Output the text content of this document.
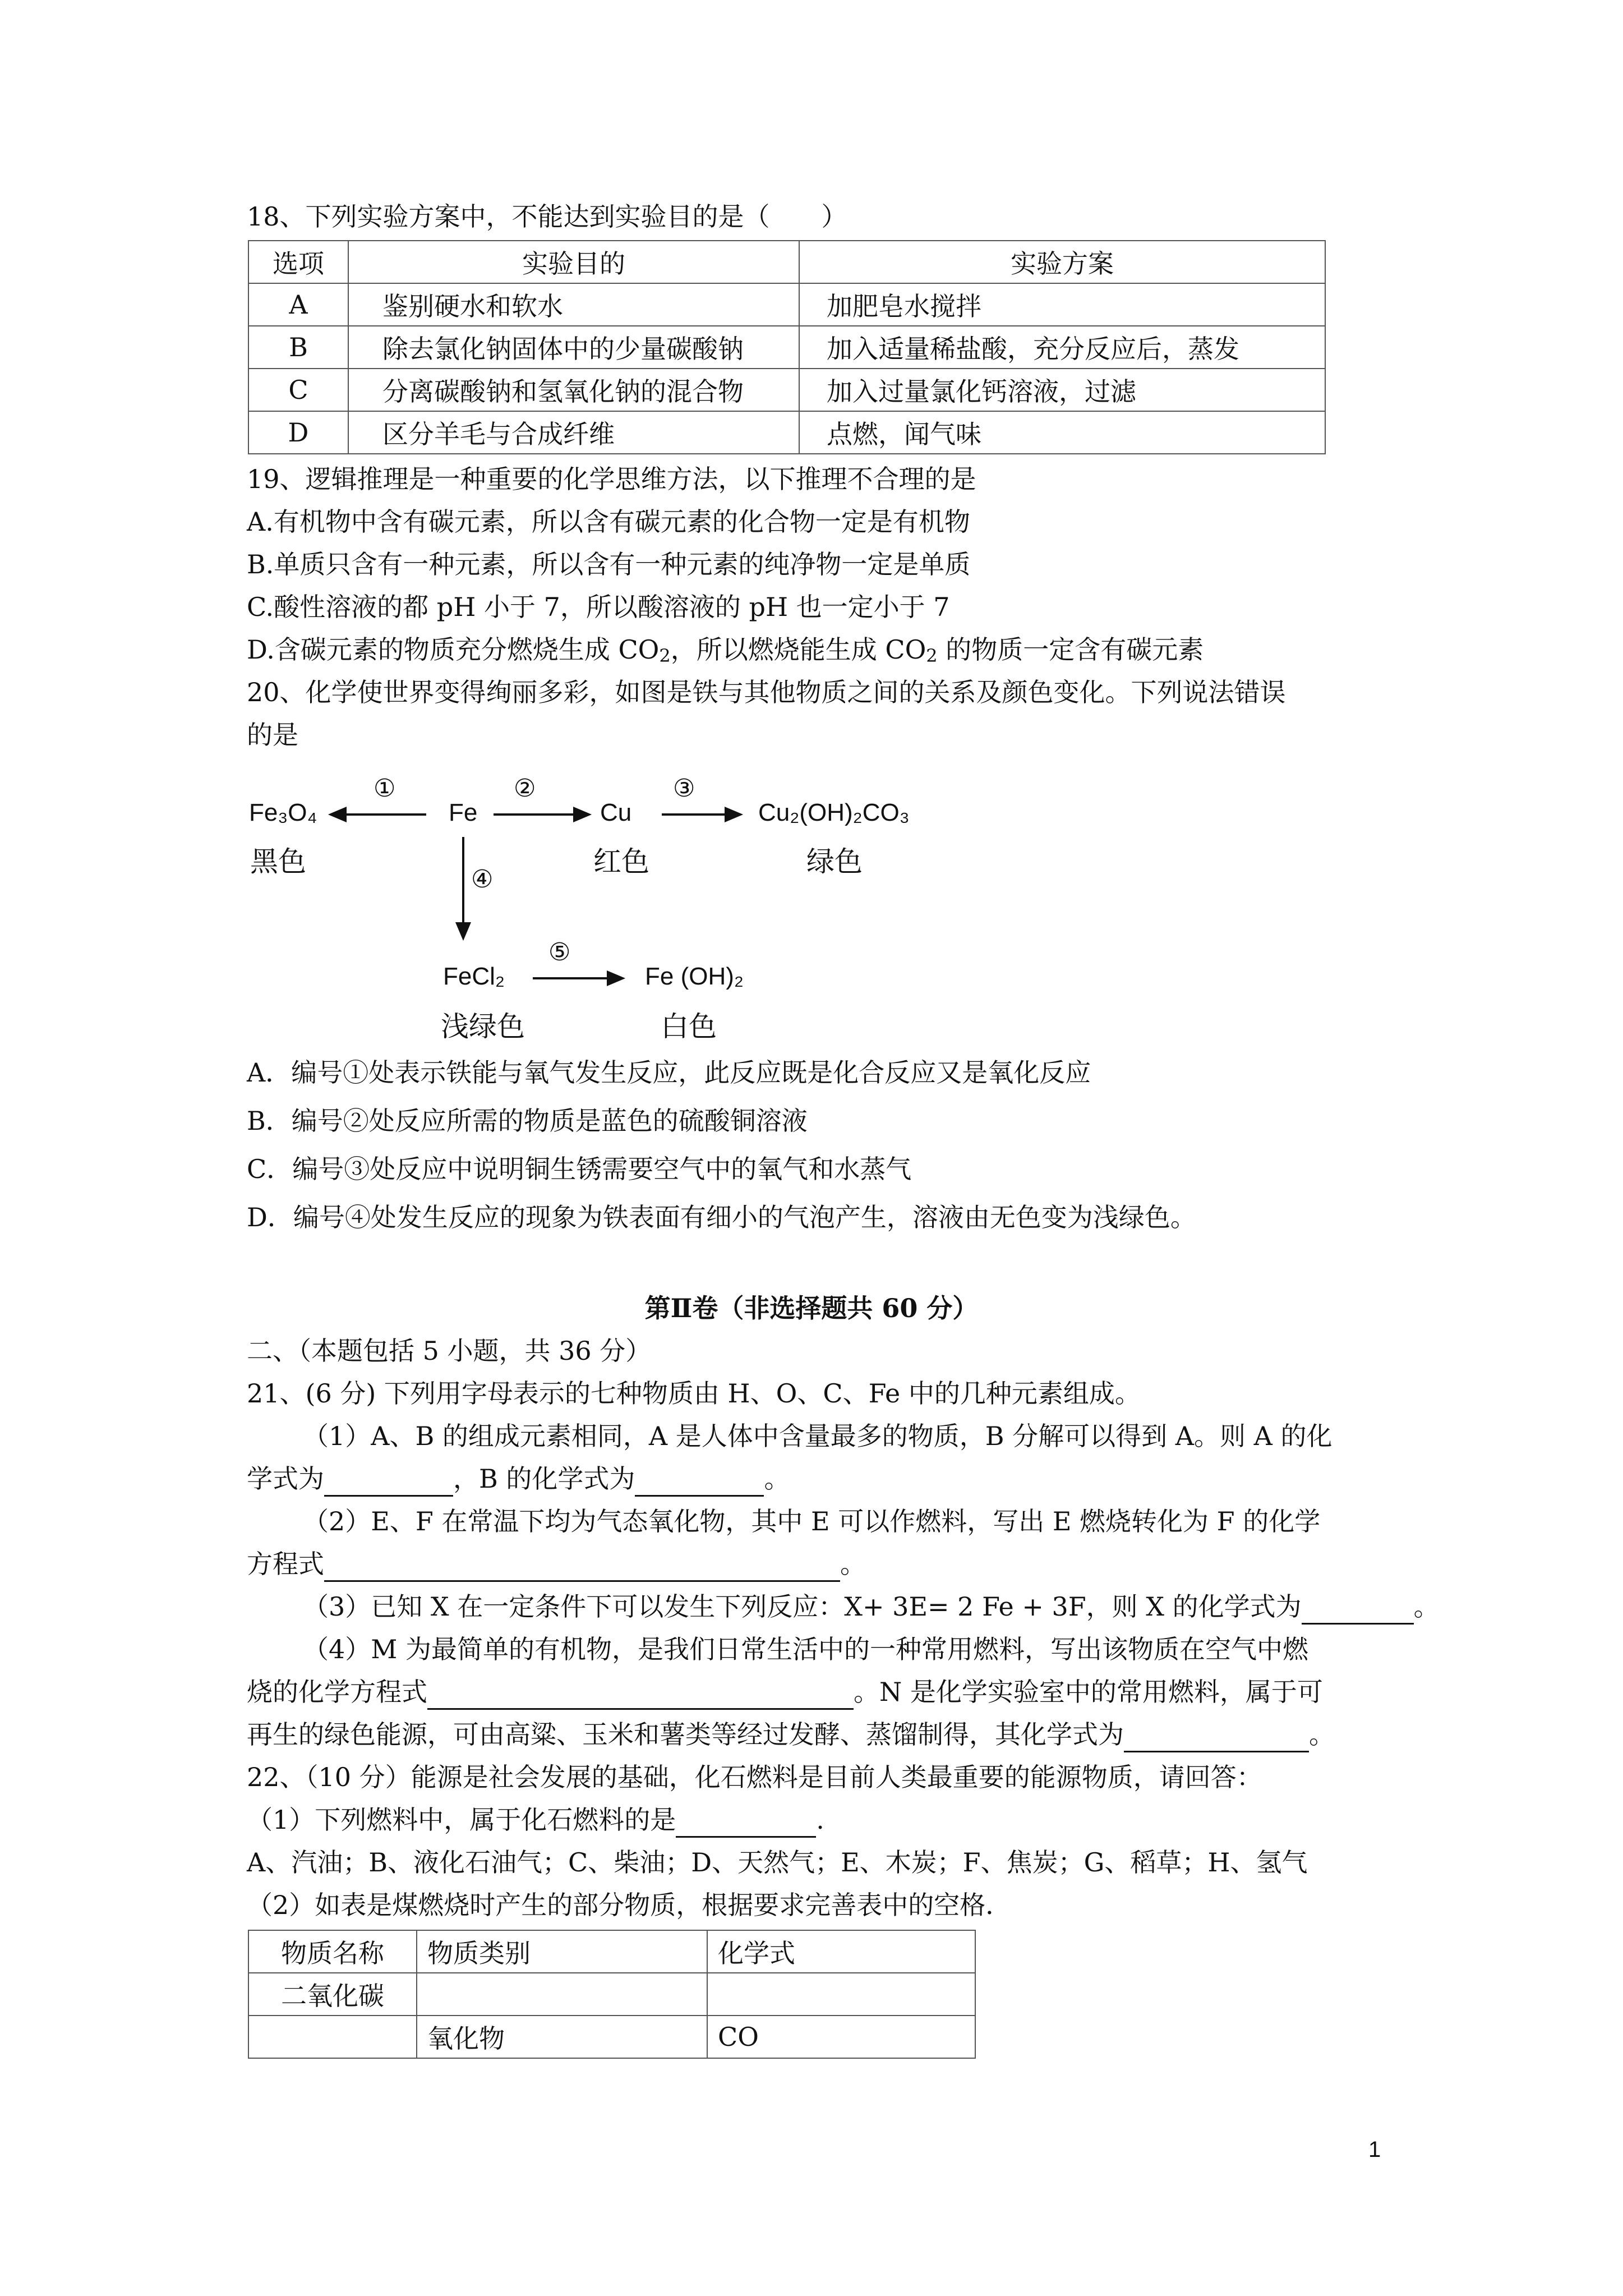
18、下列实验方案中，不能达到实验目的是（　　）
选项	实验目的	实验方案
A	鉴别硬水和软水	加肥皂水搅拌
B	除去氯化钠固体中的少量碳酸钠	加入适量稀盐酸，充分反应后，蒸发
C	分离碳酸钠和氢氧化钠的混合物	加入过量氯化钙溶液，过滤
D	区分羊毛与合成纤维	点燃，闻气味
19、逻辑推理是一种重要的化学思维方法，以下推理不合理的是
A.有机物中含有碳元素，所以含有碳元素的化合物一定是有机物
B.单质只含有一种元素，所以含有一种元素的纯净物一定是单质
C.酸性溶液的都 pH 小于 7，所以酸溶液的 pH 也一定小于 7
D.含碳元素的物质充分燃烧生成 CO2，所以燃烧能生成 CO2 的物质一定含有碳元素
20、化学使世界变得绚丽多彩，如图是铁与其他物质之间的关系及颜色变化。下列说法错误
的是
Fe₃O₄
黑色
①
Fe
②
Cu
红色
③
Cu₂(OH)₂CO₃
绿色
④
FeCl₂
浅绿色
⑤
Fe (OH)₂
白色
A．编号①处表示铁能与氧气发生反应，此反应既是化合反应又是氧化反应
B．编号②处反应所需的物质是蓝色的硫酸铜溶液
C．编号③处反应中说明铜生锈需要空气中的氧气和水蒸气
D．编号④处发生反应的现象为铁表面有细小的气泡产生，溶液由无色变为浅绿色。
第Ⅱ卷（非选择题共 60 分）
二、（本题包括 5 小题，共 36 分）
21、(6 分) 下列用字母表示的七种物质由 H、O、C、Fe 中的几种元素组成。
（1）A、B 的组成元素相同，A 是人体中含量最多的物质，B 分解可以得到 A。则 A 的化
学式为	，B 的化学式为	。
（2）E、F 在常温下均为气态氧化物，其中 E 可以作燃料，写出 E 燃烧转化为 F 的化学
方程式	。
（3）已知 X 在一定条件下可以发生下列反应：X+ 3E= 2 Fe + 3F，则 X 的化学式为	。
（4）M 为最简单的有机物，是我们日常生活中的一种常用燃料，写出该物质在空气中燃
烧的化学方程式	。N 是化学实验室中的常用燃料，属于可
再生的绿色能源，可由高粱、玉米和薯类等经过发酵、蒸馏制得，其化学式为	。
22、（10 分）能源是社会发展的基础，化石燃料是目前人类最重要的能源物质，请回答：
（1）下列燃料中，属于化石燃料的是	.
A、汽油；B、液化石油气；C、柴油；D、天然气；E、木炭；F、焦炭；G、稻草；H、氢气
（2）如表是煤燃烧时产生的部分物质，根据要求完善表中的空格．
物质名称	物质类别	化学式
二氧化碳		
	氧化物	CO
1
